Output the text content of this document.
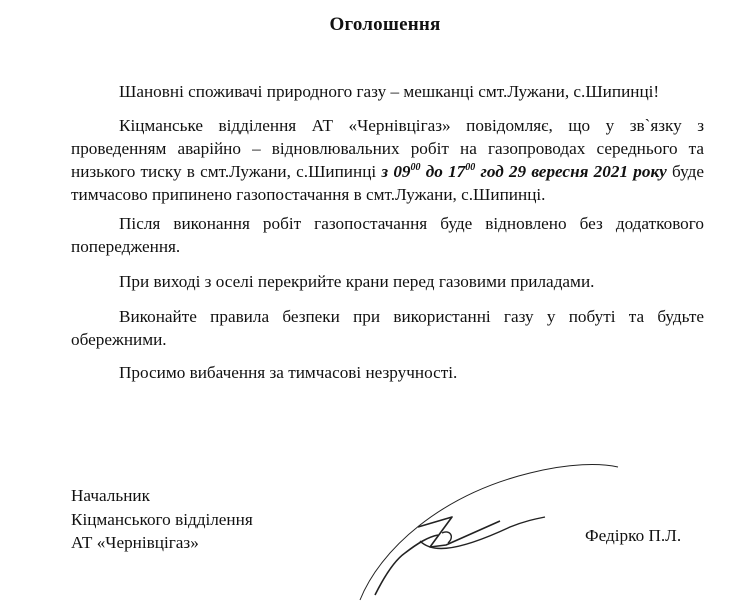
Оголошення
Шановні споживачі природного газу – мешканці смт.Лужани, с.Шипинці!
Кіцманське відділення АТ «Чернівцігаз» повідомляє, що у зв`язку з проведенням аварійно – відновлювальних робіт на газопроводах середнього та низького тиску в смт.Лужани, с.Шипинці з $09^{00}$ до $17^{00}$ год 29 вересня 2021 року буде тимчасово припинено газопостачання в смт.Лужани, с.Шипинці.
Після виконання робіт газопостачання буде відновлено без додаткового попередження.
При виході з оселі перекрийте крани перед газовими приладами.
Виконайте правила безпеки при використанні газу у побуті та будьте обережними.
Просимо вибачення за тимчасові незручності.
Начальник
Кіцманського відділення
АТ «Чернівцігаз»	Федірко П.Л.
